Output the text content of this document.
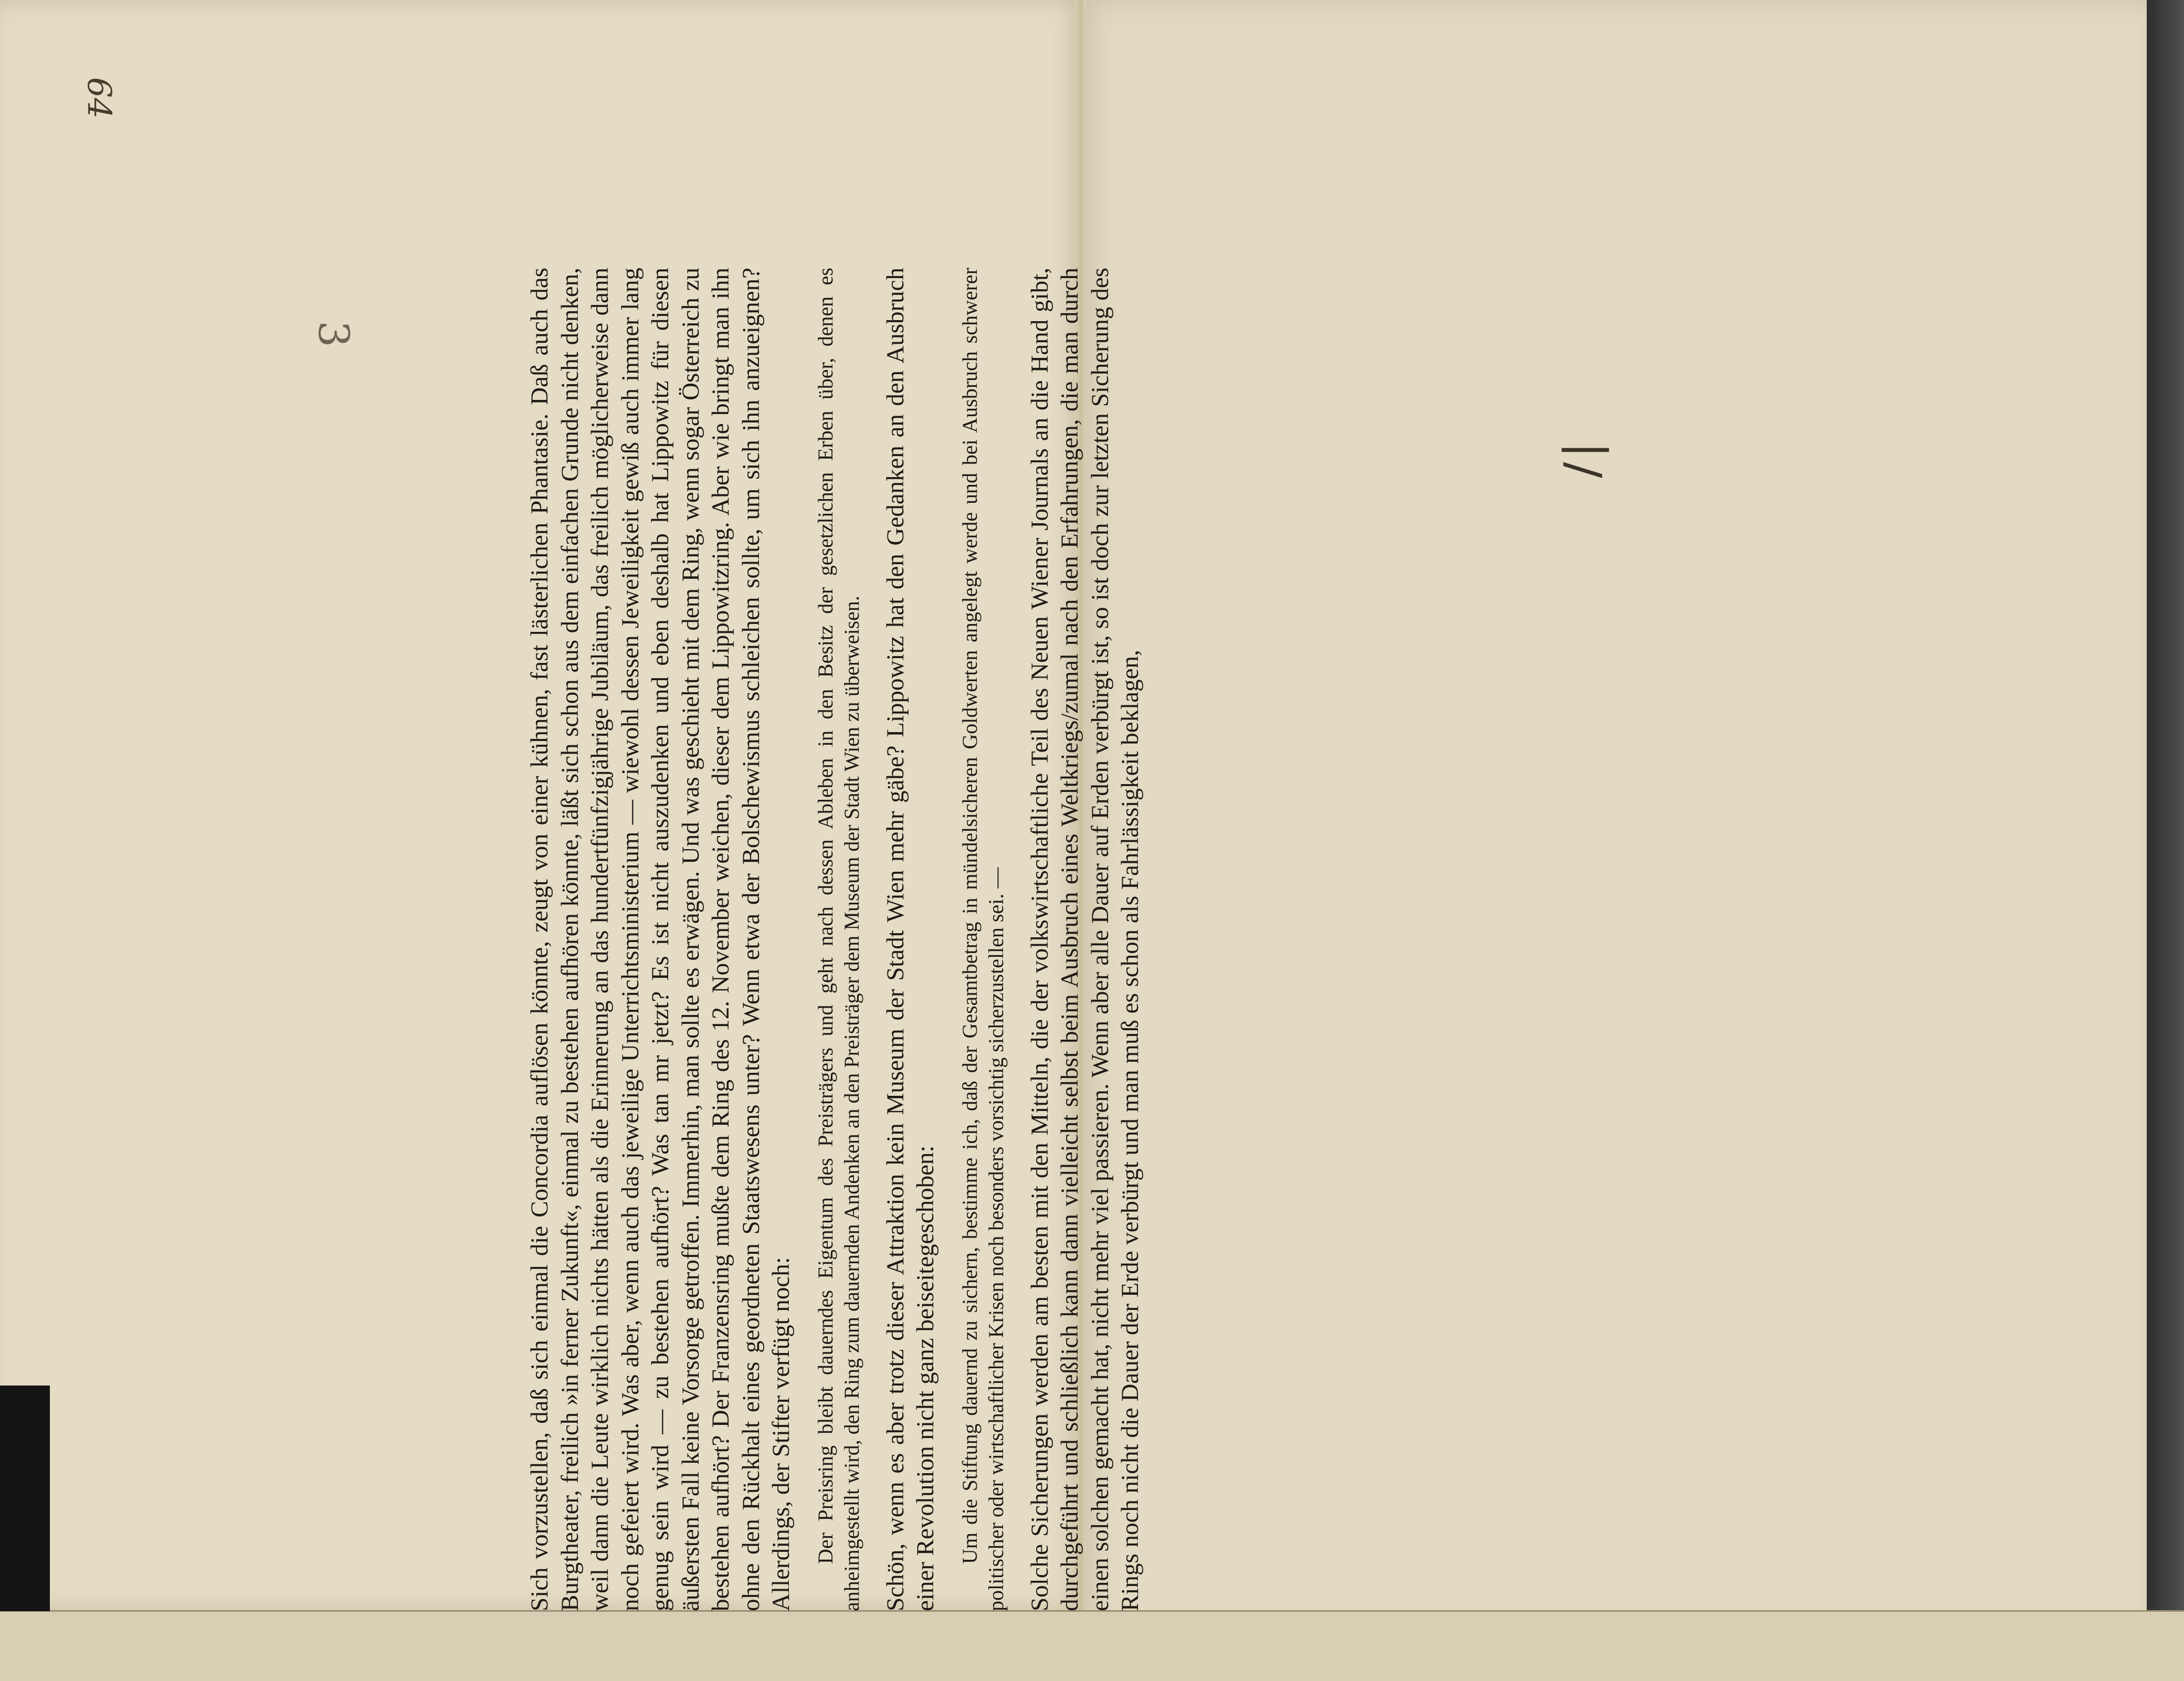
64
3
/|

Sich vorzustellen, daß sich einmal die Concordia auflösen könnte, zeugt von einer kühnen, fast lästerlichen Phantasie. Daß auch das Burgtheater, freilich »in ferner Zukunft«, einmal zu bestehen aufhören könnte, läßt sich schon aus dem einfachen Grunde nicht denken, weil dann die Leute wirklich nichts hätten als die Erinnerung an das hundertfünfzigjährige Jubiläum, das freilich möglicherweise dann noch gefeiert wird. Was aber, wenn auch das jeweilige Unterrichtsministerium — wiewohl dessen Jeweiligkeit gewiß auch immer lang genug sein wird — zu bestehen aufhört? Was tan mr jetzt? Es ist nicht auszudenken und eben deshalb hat Lippowitz für diesen äußersten Fall keine Vorsorge getroffen. Immerhin, man sollte es erwägen. Und was geschieht mit dem Ring, wenn sogar Österreich zu bestehen aufhört? Der Franzensring mußte dem Ring des 12. November weichen, dieser dem Lippowitzring. Aber wie bringt man ihn ohne den Rückhalt eines geordneten Staatswesens unter? Wenn etwa der Bolschewismus schleichen sollte, um sich ihn anzueignen? Allerdings, der Stifter verfügt noch: Der Preisring bleibt dauerndes Eigentum des Preisträgers und geht nach dessen Ableben in den Besitz der gesetzlichen Erben über, denen es anheimgestellt wird, den Ring zum dauernden Andenken an den Preisträger dem Museum der Stadt Wien zu überweisen. Schön, wenn es aber trotz dieser Attraktion kein Museum der Stadt Wien mehr gäbe? Lippowitz hat den Gedanken an den Ausbruch einer Revolution nicht ganz beiseitegeschoben: Um die Stiftung dauernd zu sichern, bestimme ich, daß der Gesamtbetrag in mündelsicheren Goldwerten angelegt werde und bei Ausbruch schwerer politischer oder wirtschaftlicher Krisen noch besonders vorsichtig sicherzustellen sei. — Solche Sicherungen werden am besten mit den Mitteln, die der volkswirtschaftliche Teil des Neuen Wiener Journals an die Hand gibt, durchgeführt und schließlich kann dann vielleicht selbst beim Ausbruch eines Weltkriegs/zumal nach den Erfahrungen, die man durch einen solchen gemacht hat, nicht mehr viel passieren. Wenn aber alle Dauer auf Erden verbürgt ist, so ist doch zur letzten Sicherung des Rings noch nicht die Dauer der Erde verbürgt und man muß es schon als Fahrlässigkeit beklagen,
